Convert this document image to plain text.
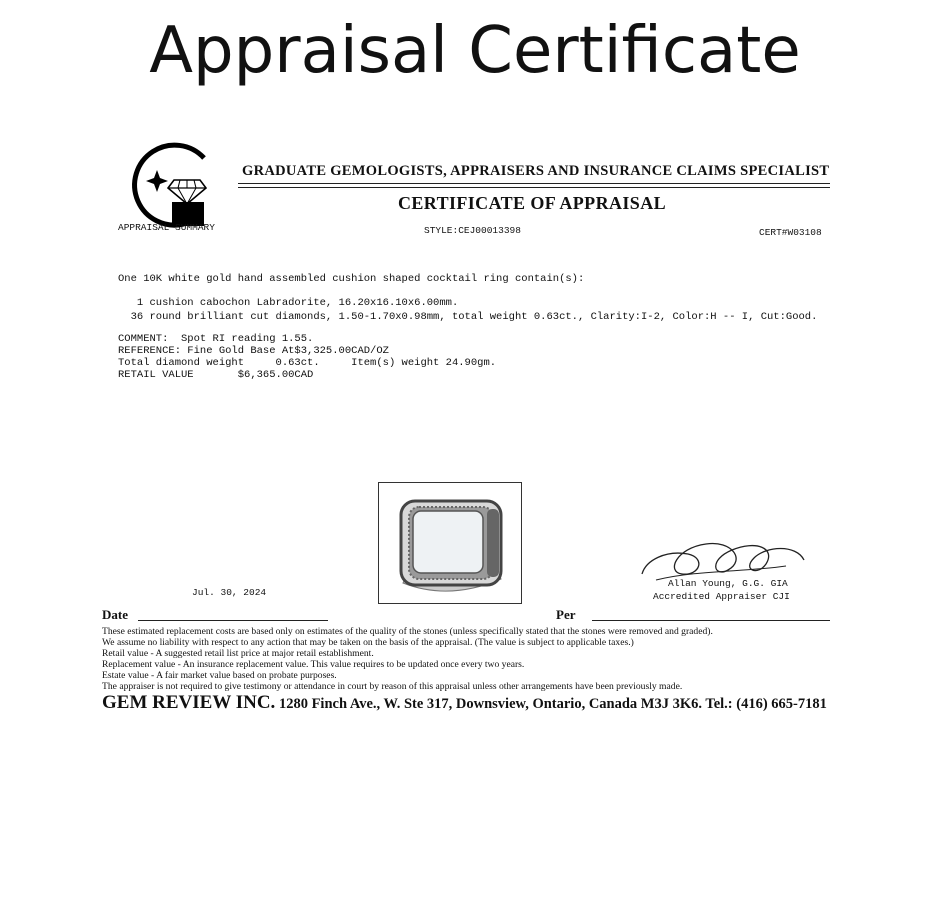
Appraisal Certificate
GRADUATE GEMOLOGISTS, APPRAISERS AND INSURANCE CLAIMS SPECIALIST
CERTIFICATE OF APPRAISAL
APPRAISAL SUMMARY	STYLE:CEJ00013398	CERT#W03108
One 10K white gold hand assembled cushion shaped cocktail ring contain(s):
1 cushion cabochon Labradorite, 16.20x16.10x6.00mm.
36 round brilliant cut diamonds, 1.50-1.70x0.98mm, total weight 0.63ct., Clarity:I-2, Color:H -- I, Cut:Good.
COMMENT:  Spot RI reading 1.55.
REFERENCE: Fine Gold Base At$3,325.00CAD/OZ
Total diamond weight     0.63ct.     Item(s) weight 24.90gm.
RETAIL VALUE       $6,365.00CAD
Allan Young, G.G. GIA
Accredited Appraiser CJI
Jul. 30, 2024
Date	Per
These estimated replacement costs are based only on estimates of the quality of the stones (unless specifically stated that the stones were removed and graded).
We assume no liability with respect to any action that may be taken on the basis of the appraisal. (The value is subject to applicable taxes.)
Retail value - A suggested retail list price at major retail establishment.
Replacement value - An insurance replacement value. This value requires to be updated once every two years.
Estate value - A fair market value based on probate purposes.
The appraiser is not required to give testimony or attendance in court by reason of this appraisal unless other arrangements have been previously made.
GEM REVIEW INC. 1280 Finch Ave., W. Ste 317, Downsview, Ontario, Canada M3J 3K6. Tel.: (416) 665-7181
